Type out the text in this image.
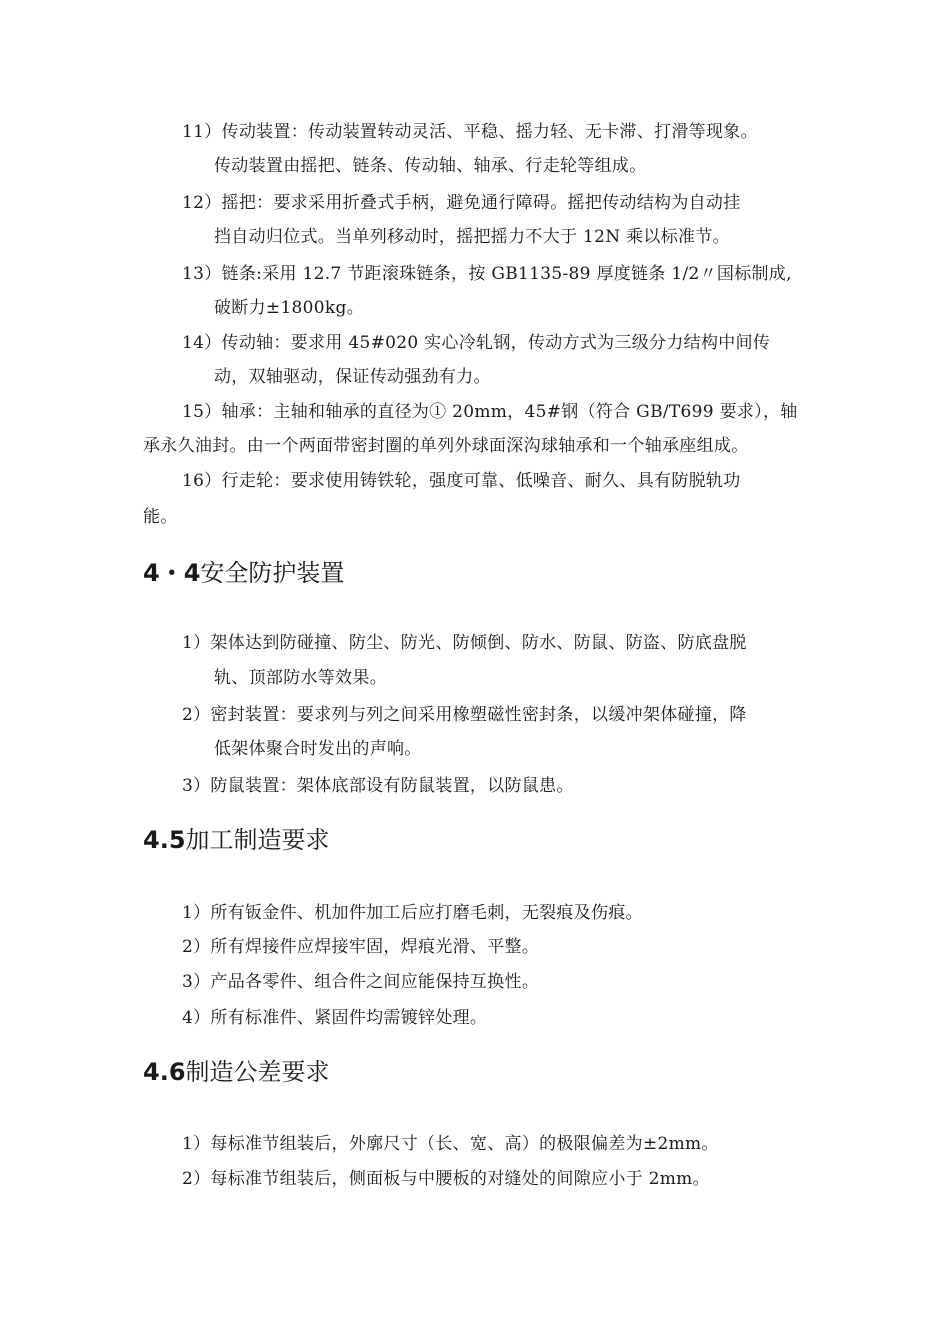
11）传动装置：传动装置转动灵活、平稳、摇力轻、无卡滞、打滑等现象。
传动装置由摇把、链条、传动轴、轴承、行走轮等组成。
12）摇把：要求采用折叠式手柄，避免通行障碍。摇把传动结构为自动挂
挡自动归位式。当单列移动时，摇把摇力不大于 12N 乘以标准节。
13）链条:采用 12.7 节距滚珠链条，按 GB1135-89 厚度链条 1/2〃国标制成,
破断力±1800kg。
14）传动轴：要求用 45#020 实心冷轧钢，传动方式为三级分力结构中间传
动，双轴驱动，保证传动强劲有力。
15）轴承：主轴和轴承的直径为① 20mm，45#钢（符合 GB/T699 要求），轴
承永久油封。由一个两面带密封圈的单列外球面深沟球轴承和一个轴承座组成。
16）行走轮：要求使用铸铁轮，强度可靠、低噪音、耐久、具有防脱轨功
能。
4・4安全防护装置
1）架体达到防碰撞、防尘、防光、防倾倒、防水、防鼠、防盗、防底盘脱
轨、顶部防水等效果。
2）密封装置：要求列与列之间采用橡塑磁性密封条，以缓冲架体碰撞，降
低架体聚合时发出的声响。
3）防鼠装置：架体底部设有防鼠装置，以防鼠患。
4.5加工制造要求
1）所有钣金件、机加件加工后应打磨毛刺，无裂痕及伤痕。
2）所有焊接件应焊接牢固，焊痕光滑、平整。
3）产品各零件、组合件之间应能保持互换性。
4）所有标准件、紧固件均需镀锌处理。
4.6制造公差要求
1）每标准节组装后，外廓尺寸（长、宽、高）的极限偏差为±2mm。
2）每标准节组装后，侧面板与中腰板的对缝处的间隙应小于 2mm。
